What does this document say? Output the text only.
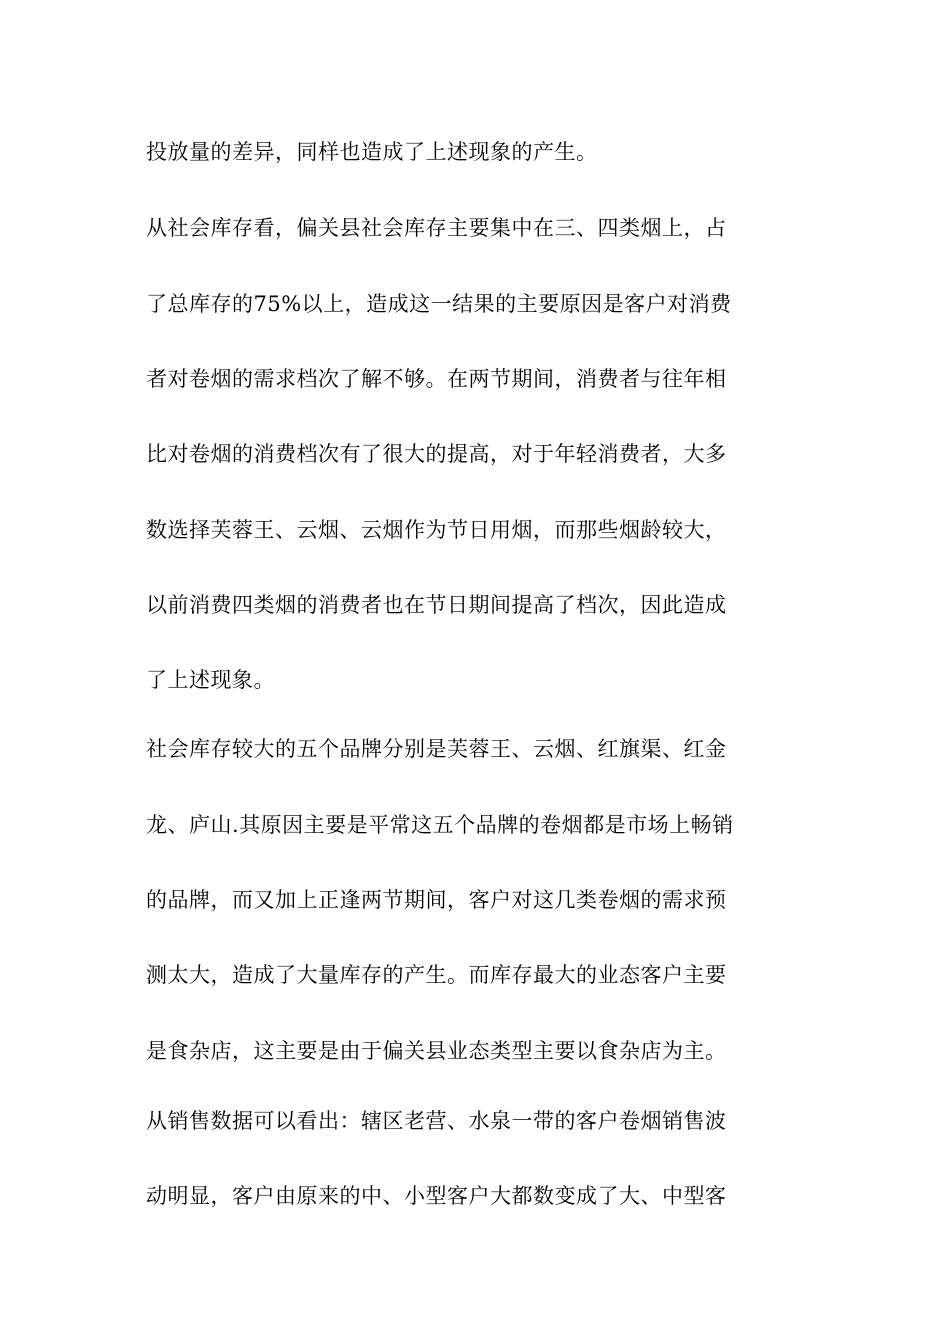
投放量的差异，同样也造成了上述现象的产生。
从社会库存看，偏关县社会库存主要集中在三、四类烟上，占
了总库存的75%以上，造成这一结果的主要原因是客户对消费
者对卷烟的需求档次了解不够。在两节期间，消费者与往年相
比对卷烟的消费档次有了很大的提高，对于年轻消费者，大多
数选择芙蓉王、云烟、云烟作为节日用烟，而那些烟龄较大，
以前消费四类烟的消费者也在节日期间提高了档次，因此造成
了上述现象。
社会库存较大的五个品牌分别是芙蓉王、云烟、红旗渠、红金
龙、庐山.其原因主要是平常这五个品牌的卷烟都是市场上畅销
的品牌，而又加上正逢两节期间，客户对这几类卷烟的需求预
测太大，造成了大量库存的产生。而库存最大的业态客户主要
是食杂店，这主要是由于偏关县业态类型主要以食杂店为主。
从销售数据可以看出：辖区老营、水泉一带的客户卷烟销售波
动明显，客户由原来的中、小型客户大都数变成了大、中型客
